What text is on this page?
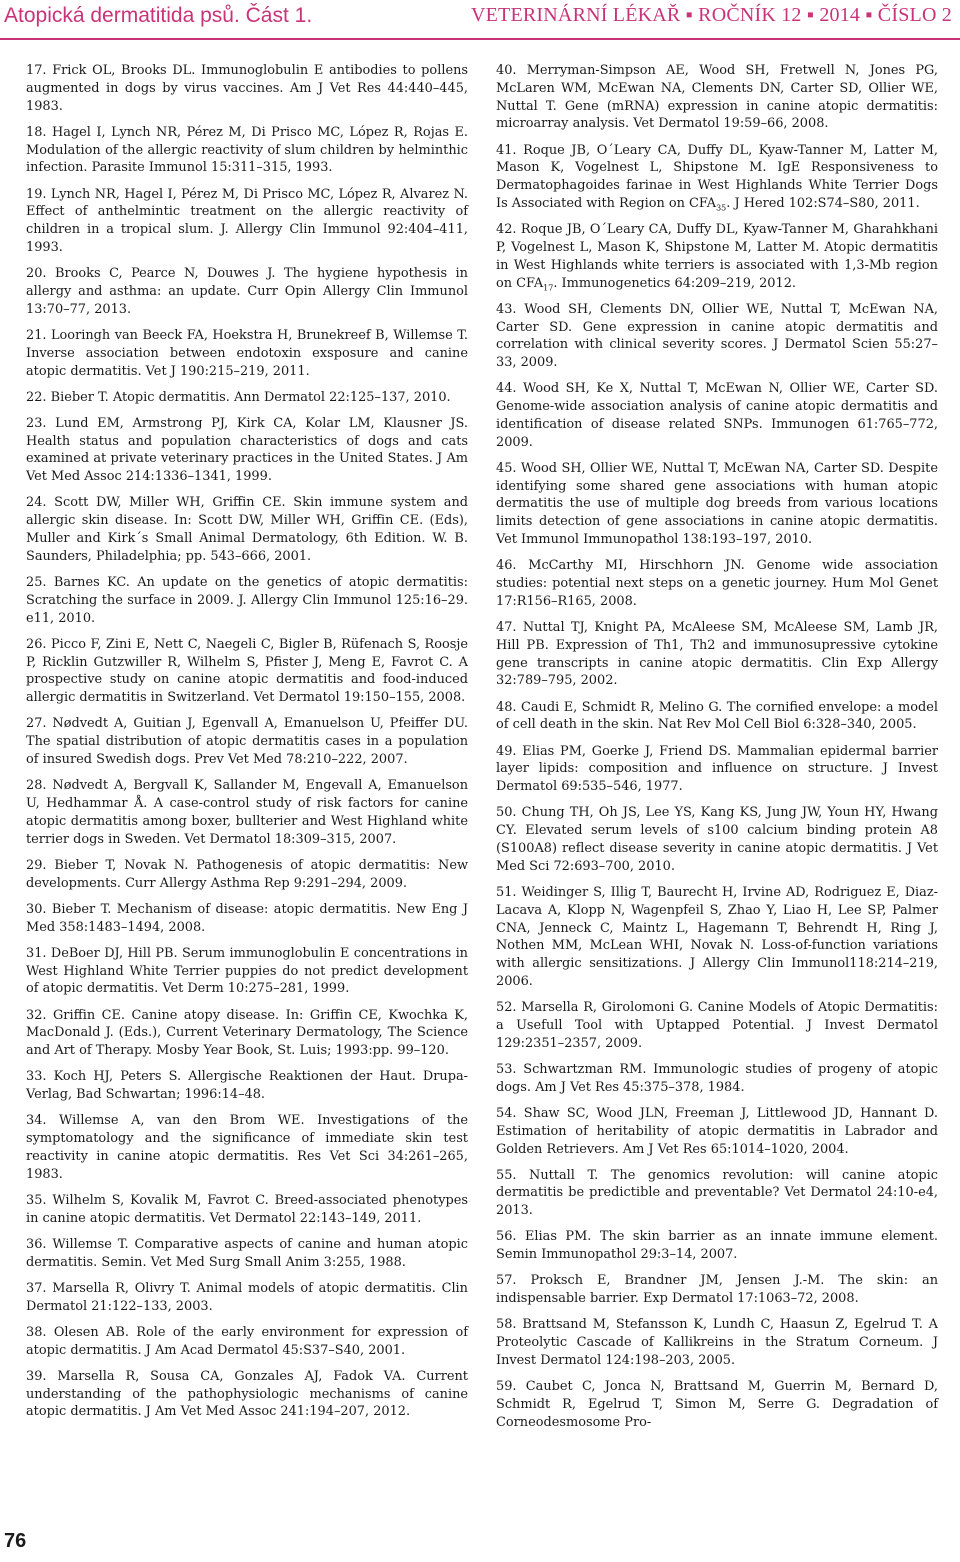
Atopická dermatitida psů. Část 1.	VETERINÁRNÍ LÉKAŘ ▪ ROČNÍK 12 ▪ 2014 ▪ ČÍSLO 2

17. Frick OL, Brooks DL. Immunoglobulin E antibodies to pollens augmented in dogs by virus vaccines. Am J Vet Res 44:440–445, 1983.

18. Hagel I, Lynch NR, Pérez M, Di Prisco MC, López R, Rojas E. Modulation of the allergic reactivity of slum children by helminthic infection. Parasite Immunol 15:311–315, 1993.

19. Lynch NR, Hagel I, Pérez M, Di Prisco MC, López R, Alvarez N. Effect of anthelmintic treatment on the allergic reactivity of children in a tropical slum. J. Allergy Clin Immunol 92:404–411, 1993.

20. Brooks C, Pearce N, Douwes J. The hygiene hypothesis in allergy and asthma: an update. Curr Opin Allergy Clin Immunol 13:70–77, 2013.

21. Looringh van Beeck FA, Hoekstra H, Brunekreef B, Willemse T. Inverse association between endotoxin exsposure and canine atopic dermatitis. Vet J 190:215–219, 2011.

22. Bieber T. Atopic dermatitis. Ann Dermatol 22:125–137, 2010.

23. Lund EM, Armstrong PJ, Kirk CA, Kolar LM, Klausner JS. Health status and population characteristics of dogs and cats examined at private veterinary practices in the United States. J Am Vet Med Assoc 214:1336–1341, 1999.

24. Scott DW, Miller WH, Griffin CE. Skin immune system and allergic skin disease. In: Scott DW, Miller WH, Griffin CE. (Eds), Muller and Kirk´s Small Animal Dermatology, 6th Edition. W. B. Saunders, Philadelphia; pp. 543–666, 2001.

25. Barnes KC. An update on the genetics of atopic dermatitis: Scratching the surface in 2009. J. Allergy Clin Immunol 125:16–29. e11, 2010.

26. Picco F, Zini E, Nett C, Naegeli C, Bigler B, Rüfenach S, Roosje P, Ricklin Gutzwiller R, Wilhelm S, Pfister J, Meng E, Favrot C. A prospective study on canine atopic dermatitis and food-induced allergic dermatitis in Switzerland. Vet Dermatol 19:150–155, 2008.

27. Nødvedt A, Guitian J, Egenvall A, Emanuelson U, Pfeiffer DU. The spatial distribution of atopic dermatitis cases in a population of insured Swedish dogs. Prev Vet Med 78:210–222, 2007.

28. Nødvedt A, Bergvall K, Sallander M, Engevall A, Emanuelson U, Hedhammar Å. A case-control study of risk factors for canine atopic dermatitis among boxer, bullterier and West Highland white terrier dogs in Sweden. Vet Dermatol 18:309–315, 2007.

29. Bieber T, Novak N. Pathogenesis of atopic dermatitis: New developments. Curr Allergy Asthma Rep 9:291–294, 2009.

30. Bieber T. Mechanism of disease: atopic dermatitis. New Eng J Med 358:1483–1494, 2008.

31. DeBoer DJ, Hill PB. Serum immunoglobulin E concentrations in West Highland White Terrier puppies do not predict development of atopic dermatitis. Vet Derm 10:275–281, 1999.

32. Griffin CE. Canine atopy disease. In: Griffin CE, Kwochka K, MacDonald J. (Eds.), Current Veterinary Dermatology, The Science and Art of Therapy. Mosby Year Book, St. Luis; 1993:pp. 99–120.

33. Koch HJ, Peters S. Allergische Reaktionen der Haut. Drupa-Verlag, Bad Schwartan; 1996:14–48.

34. Willemse A, van den Brom WE. Investigations of the symptomatology and the significance of immediate skin test reactivity in canine atopic dermatitis. Res Vet Sci 34:261–265, 1983.

35. Wilhelm S, Kovalik M, Favrot C. Breed-associated phenotypes in canine atopic dermatitis. Vet Dermatol 22:143–149, 2011.

36. Willemse T. Comparative aspects of canine and human atopic dermatitis. Semin. Vet Med Surg Small Anim 3:255, 1988.

37. Marsella R, Olivry T. Animal models of atopic dermatitis. Clin Dermatol 21:122–133, 2003.

38. Olesen AB. Role of the early environment for expression of atopic dermatitis. J Am Acad Dermatol 45:S37–S40, 2001.

39. Marsella R, Sousa CA, Gonzales AJ, Fadok VA. Current understanding of the pathophysiologic mechanisms of canine atopic dermatitis. J Am Vet Med Assoc 241:194–207, 2012.

40. Merryman-Simpson AE, Wood SH, Fretwell N, Jones PG, McLaren WM, McEwan NA, Clements DN, Carter SD, Ollier WE, Nuttal T. Gene (mRNA) expression in canine atopic dermatitis: microarray analysis. Vet Dermatol 19:59–66, 2008.

41. Roque JB, O´Leary CA, Duffy DL, Kyaw-Tanner M, Latter M, Mason K, Vogelnest L, Shipstone M. IgE Responsiveness to Dermatophagoides farinae in West Highlands White Terrier Dogs Is Associated with Region on $CFA_{35}$. J Hered 102:S74–S80, 2011.

42. Roque JB, O´Leary CA, Duffy DL, Kyaw-Tanner M, Gharahkhani P, Vogelnest L, Mason K, Shipstone M, Latter M. Atopic dermatitis in West Highlands white terriers is associated with 1,3-Mb region on $CFA_{17}$. Immunogenetics 64:209–219, 2012.

43. Wood SH, Clements DN, Ollier WE, Nuttal T, McEwan NA, Carter SD. Gene expression in canine atopic dermatitis and correlation with clinical severity scores. J Dermatol Scien 55:27–33, 2009.

44. Wood SH, Ke X, Nuttal T, McEwan N, Ollier WE, Carter SD. Genome-wide association analysis of canine atopic dermatitis and identification of disease related SNPs. Immunogen 61:765–772, 2009.

45. Wood SH, Ollier WE, Nuttal T, McEwan NA, Carter SD. Despite identifying some shared gene associations with human atopic dermatitis the use of multiple dog breeds from various locations limits detection of gene associations in canine atopic dermatitis. Vet Immunol Immunopathol 138:193–197, 2010.

46. McCarthy MI, Hirschhorn JN. Genome wide association studies: potential next steps on a genetic journey. Hum Mol Genet 17:R156–R165, 2008.

47. Nuttal TJ, Knight PA, McAleese SM, McAleese SM, Lamb JR, Hill PB. Expression of Th1, Th2 and immunosupressive cytokine gene transcripts in canine atopic dermatitis. Clin Exp Allergy 32:789–795, 2002.

48. Caudi E, Schmidt R, Melino G. The cornified envelope: a model of cell death in the skin. Nat Rev Mol Cell Biol 6:328–340, 2005.

49. Elias PM, Goerke J, Friend DS. Mammalian epidermal barrier layer lipids: composition and influence on structure. J Invest Dermatol 69:535–546, 1977.

50. Chung TH, Oh JS, Lee YS, Kang KS, Jung JW, Youn HY, Hwang CY. Elevated serum levels of s100 calcium binding protein A8 (S100A8) reflect disease severity in canine atopic dermatitis. J Vet Med Sci 72:693–700, 2010.

51. Weidinger S, Illig T, Baurecht H, Irvine AD, Rodriguez E, Diaz-Lacava A, Klopp N, Wagenpfeil S, Zhao Y, Liao H, Lee SP, Palmer CNA, Jenneck C, Maintz L, Hagemann T, Behrendt H, Ring J, Nothen MM, McLean WHI, Novak N. Loss-of-function variations with allergic sensitizations. J Allergy Clin Immunol118:214–219, 2006.

52. Marsella R, Girolomoni G. Canine Models of Atopic Dermatitis: a Usefull Tool with Uptapped Potential. J Invest Dermatol 129:2351–2357, 2009.

53. Schwartzman RM. Immunologic studies of progeny of atopic dogs. Am J Vet Res 45:375–378, 1984.

54. Shaw SC, Wood JLN, Freeman J, Littlewood JD, Hannant D. Estimation of heritability of atopic dermatitis in Labrador and Golden Retrievers. Am J Vet Res 65:1014–1020, 2004.

55. Nuttall T. The genomics revolution: will canine atopic dermatitis be predictible and preventable? Vet Dermatol 24:10-e4, 2013.

56. Elias PM. The skin barrier as an innate immune element. Semin Immunopathol 29:3–14, 2007.

57. Proksch E, Brandner JM, Jensen J.-M. The skin: an indispensable barrier. Exp Dermatol 17:1063–72, 2008.

58. Brattsand M, Stefansson K, Lundh C, Haasun Z, Egelrud T. A Proteolytic Cascade of Kallikreins in the Stratum Corneum. J Invest Dermatol 124:198–203, 2005.

59. Caubet C, Jonca N, Brattsand M, Guerrin M, Bernard D, Schmidt R, Egelrud T, Simon M, Serre G. Degradation of Corneodesmosome Pro-

76
